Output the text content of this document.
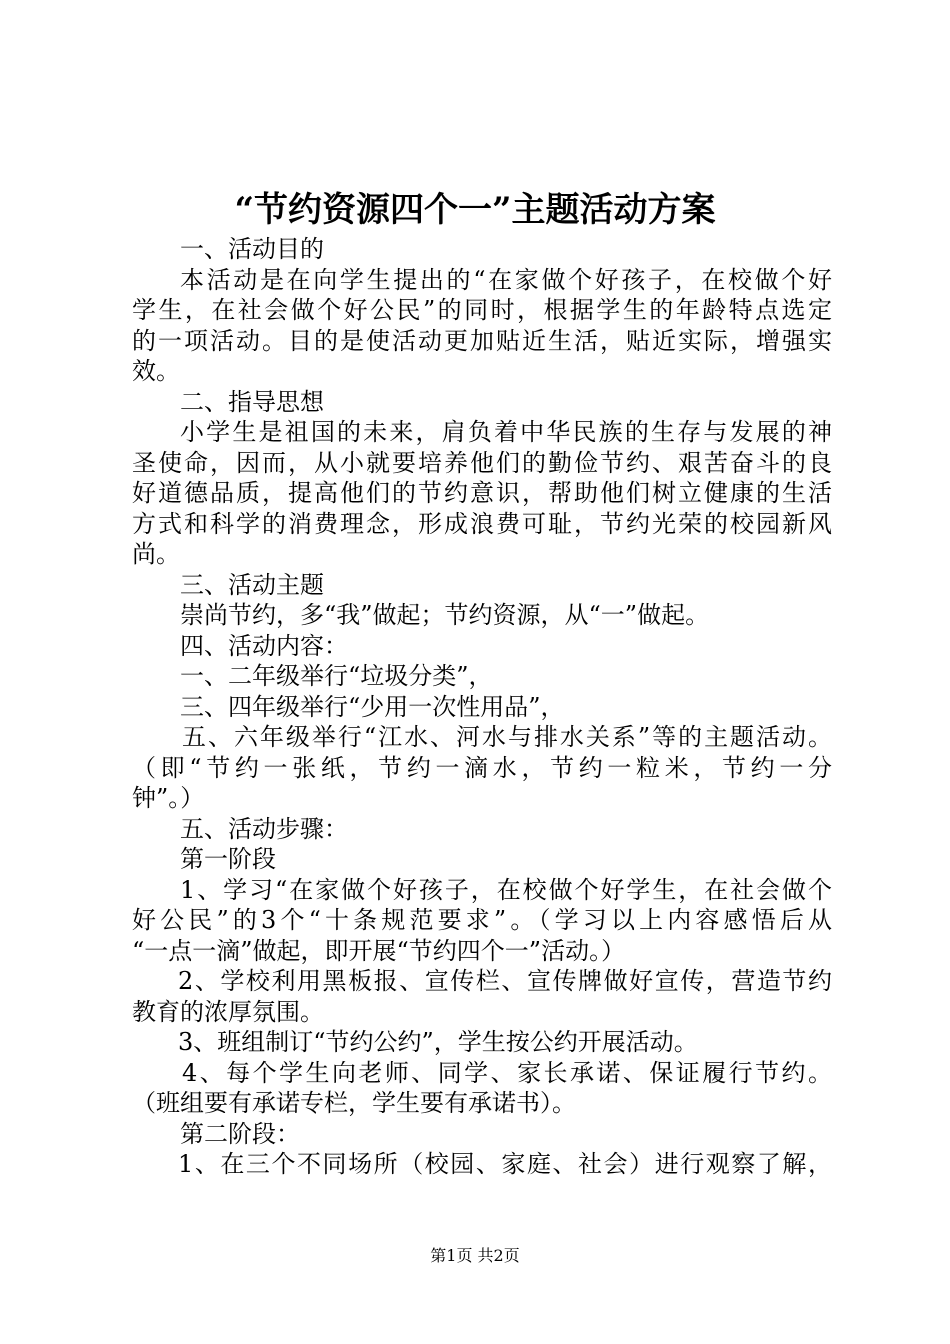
“节约资源四个一”主题活动方案
一、活动目的
本活动是在向学生提出的“在家做个好孩子，在校做个好
学生，在社会做个好公民”的同时，根据学生的年龄特点选定
的一项活动。目的是使活动更加贴近生活，贴近实际，增强实
效。
二、指导思想
小学生是祖国的未来，肩负着中华民族的生存与发展的神
圣使命，因而，从小就要培养他们的勤俭节约、艰苦奋斗的良
好道德品质，提高他们的节约意识，帮助他们树立健康的生活
方式和科学的消费理念，形成浪费可耻，节约光荣的校园新风
尚。
三、活动主题
崇尚节约，多“我”做起；节约资源，从“一”做起。
四、活动内容：
一、二年级举行“垃圾分类”，
三、四年级举行“少用一次性用品”，
五、六年级举行“江水、河水与排水关系”等的主题活动。
（即“节约一张纸，节约一滴水，节约一粒米，节约一分
钟”。）
五、活动步骤：
第一阶段
1、学习“在家做个好孩子，在校做个好学生，在社会做个
好公民”的3个“十条规范要求”。（学习以上内容感悟后从
“一点一滴”做起，即开展“节约四个一”活动。）
2、学校利用黑板报、宣传栏、宣传牌做好宣传，营造节约
教育的浓厚氛围。
3、班组制订“节约公约”，学生按公约开展活动。
4、每个学生向老师、同学、家长承诺、保证履行节约。
（班组要有承诺专栏，学生要有承诺书）。
第二阶段：
1、在三个不同场所（校园、家庭、社会）进行观察了解，
第1页 共2页
